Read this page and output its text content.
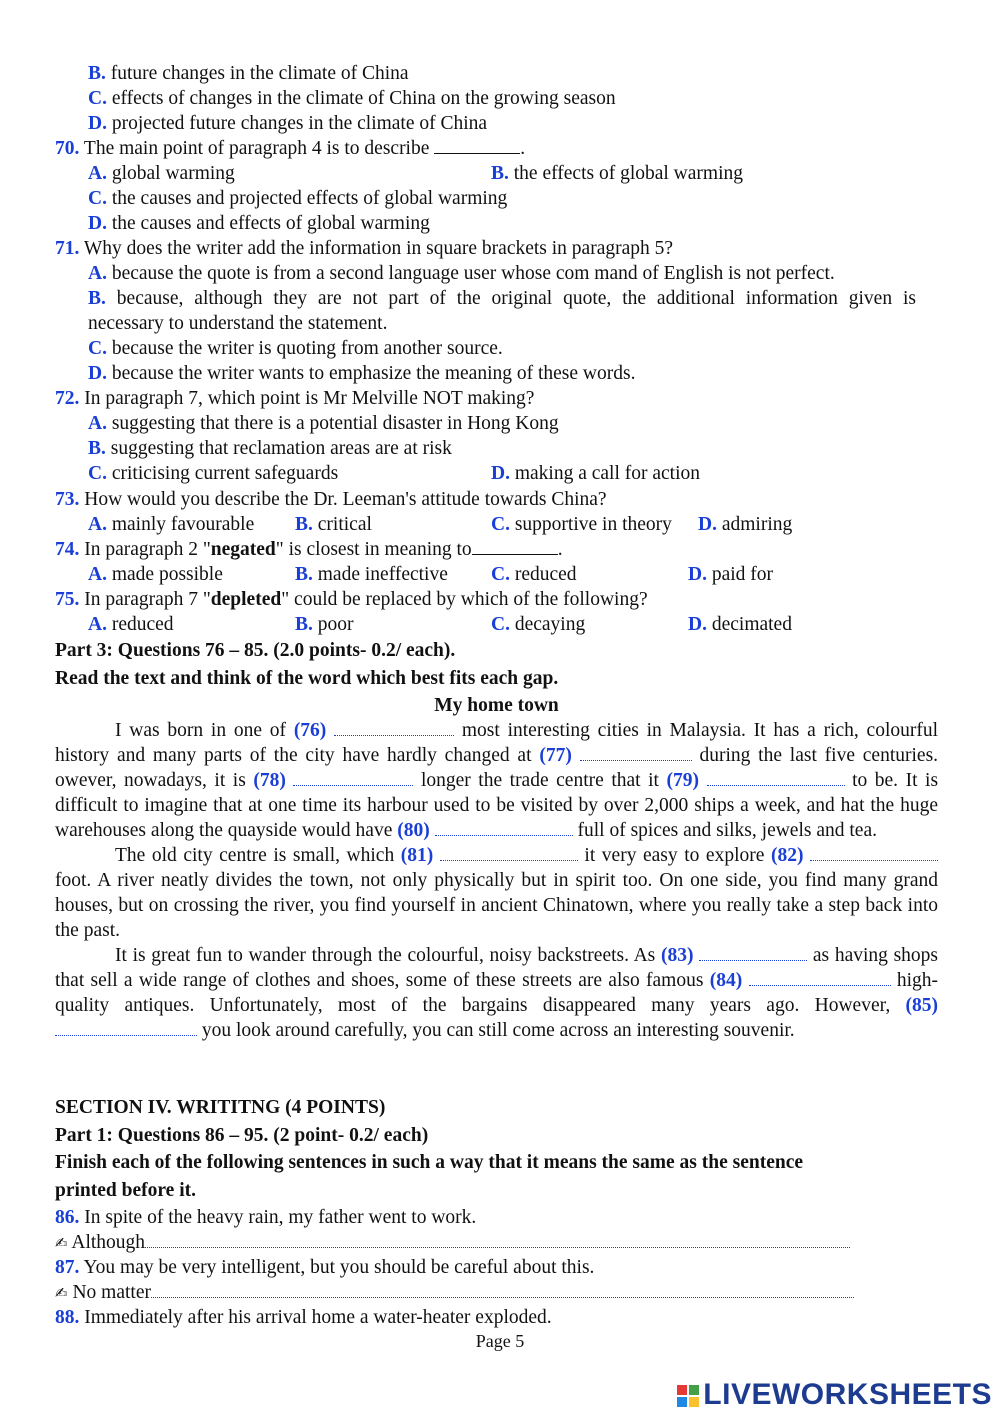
B. future changes in the climate of China
C. effects of changes in the climate of China on the growing season
D. projected future changes in the climate of China
70. The main point of paragraph 4 is to describe	.
A. global warming	B. the effects of global warming
C. the causes and projected effects of global warming
D. the causes and effects of global warming
71. Why does the writer add the information in square brackets in paragraph 5?
A. because the quote is from a second language user whose com mand of English is not perfect.
B. because, although they are not part of the original quote, the additional information given is
necessary to understand the statement.
C. because the writer is quoting from another source.
D. because the writer wants to emphasize the meaning of these words.
72. In paragraph 7, which point is Mr Melville NOT making?
A. suggesting that there is a potential disaster in Hong Kong
B. suggesting that reclamation areas are at risk
C. criticising current safeguards	D. making a call for action
73. How would you describe the Dr. Leeman's attitude towards China?
A. mainly favourable B. critical	C. supportive in theory D. admiring
74. In paragraph 2 "negated" is closest in meaning to	.
A. made possible	B. made ineffective C. reduced	D. paid for
75. In paragraph 7 "depleted" could be replaced by which of the following?
A. reduced	B. poor	C. decaying	D. decimated
Part 3: Questions 76 – 85. (2.0 points- 0.2/ each).
Read the text and think of the word which best fits each gap.
My home town

I was born in one of (76)	most interesting cities in Malaysia. It has a rich, colourful history and many parts of the city have hardly changed at (77)	during the last five centuries. owever, nowadays, it is (78)	longer the trade centre that it (79)	to be. It is difficult to imagine that at one time its harbour used to be visited by over 2,000 ships a week, and hat the huge warehouses along the quayside would have (80)	full of spices and silks, jewels and tea.

The old city centre is small, which (81)	it very easy to explore (82)  foot. A river neatly divides the town, not only physically but in spirit too. On one side, you find many grand houses, but on crossing the river, you find yourself in ancient Chinatown, where you really take a step back into the past.

It is great fun to wander through the colourful, noisy backstreets. As (83)	as having shops that sell a wide range of clothes and shoes, some of these streets are also famous (84)	high-quality antiques. Unfortunately, most of the bargains disappeared many years ago. However, (85)  you look around carefully, you can still come across an interesting souvenir.

SECTION IV. WRITITNG (4 POINTS)
Part 1: Questions 86 – 95. (2 point- 0.2/ each)
Finish each of the following sentences in such a way that it means the same as the sentence
printed before it.
86. In spite of the heavy rain, my father went to work.
✍ Although
87. You may be very intelligent, but you should be careful about this.
✍ No matter
88. Immediately after his arrival home a water-heater exploded.
Page 5
LIVEWORKSHEETS
